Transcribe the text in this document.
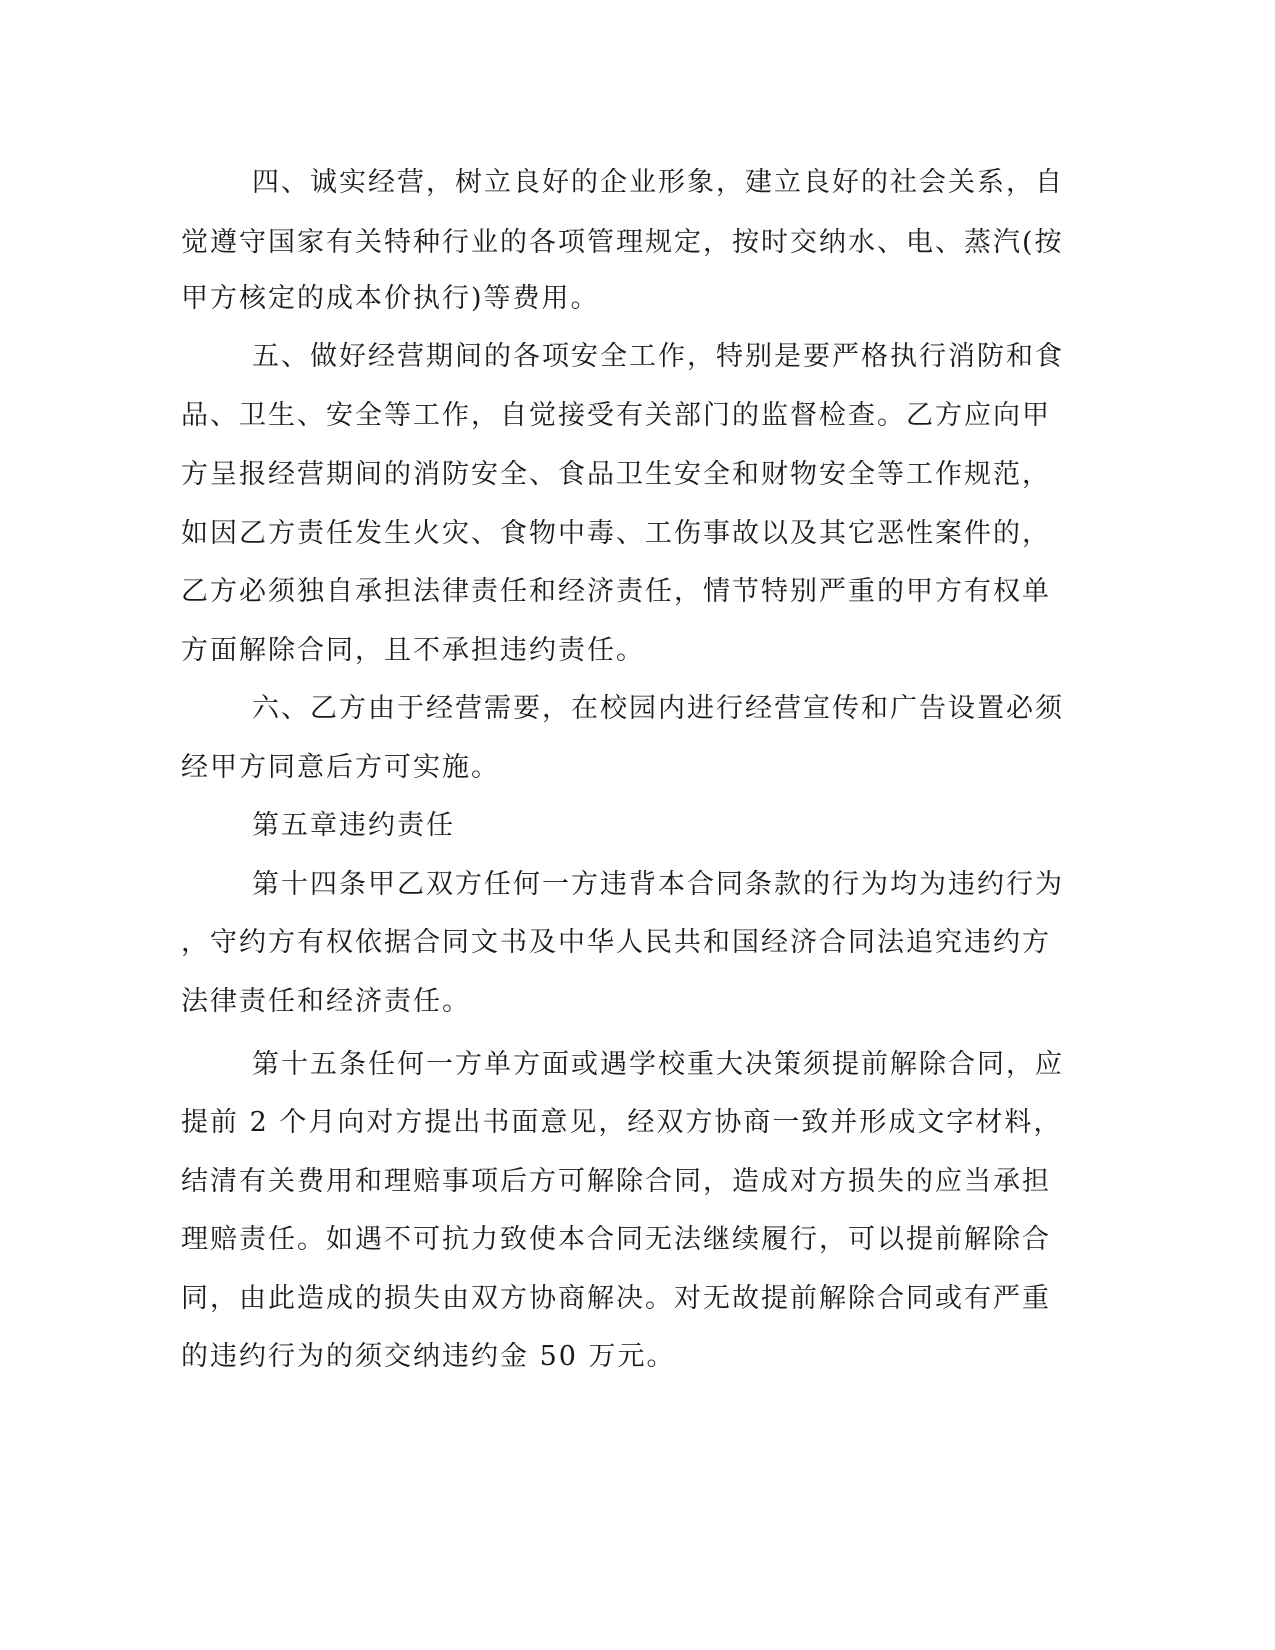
四、诚实经营，树立良好的企业形象，建立良好的社会关系，自
觉遵守国家有关特种行业的各项管理规定，按时交纳水、电、蒸汽(按
甲方核定的成本价执行)等费用。
五、做好经营期间的各项安全工作，特别是要严格执行消防和食
品、卫生、安全等工作，自觉接受有关部门的监督检查。乙方应向甲
方呈报经营期间的消防安全、食品卫生安全和财物安全等工作规范，
如因乙方责任发生火灾、食物中毒、工伤事故以及其它恶性案件的，
乙方必须独自承担法律责任和经济责任，情节特别严重的甲方有权单
方面解除合同，且不承担违约责任。
六、乙方由于经营需要，在校园内进行经营宣传和广告设置必须
经甲方同意后方可实施。
第五章违约责任
第十四条甲乙双方任何一方违背本合同条款的行为均为违约行为
，守约方有权依据合同文书及中华人民共和国经济合同法追究违约方
法律责任和经济责任。
第十五条任何一方单方面或遇学校重大决策须提前解除合同，应
提前 2 个月向对方提出书面意见，经双方协商一致并形成文字材料，
结清有关费用和理赔事项后方可解除合同，造成对方损失的应当承担
理赔责任。如遇不可抗力致使本合同无法继续履行，可以提前解除合
同，由此造成的损失由双方协商解决。对无故提前解除合同或有严重
的违约行为的须交纳违约金 50 万元。
